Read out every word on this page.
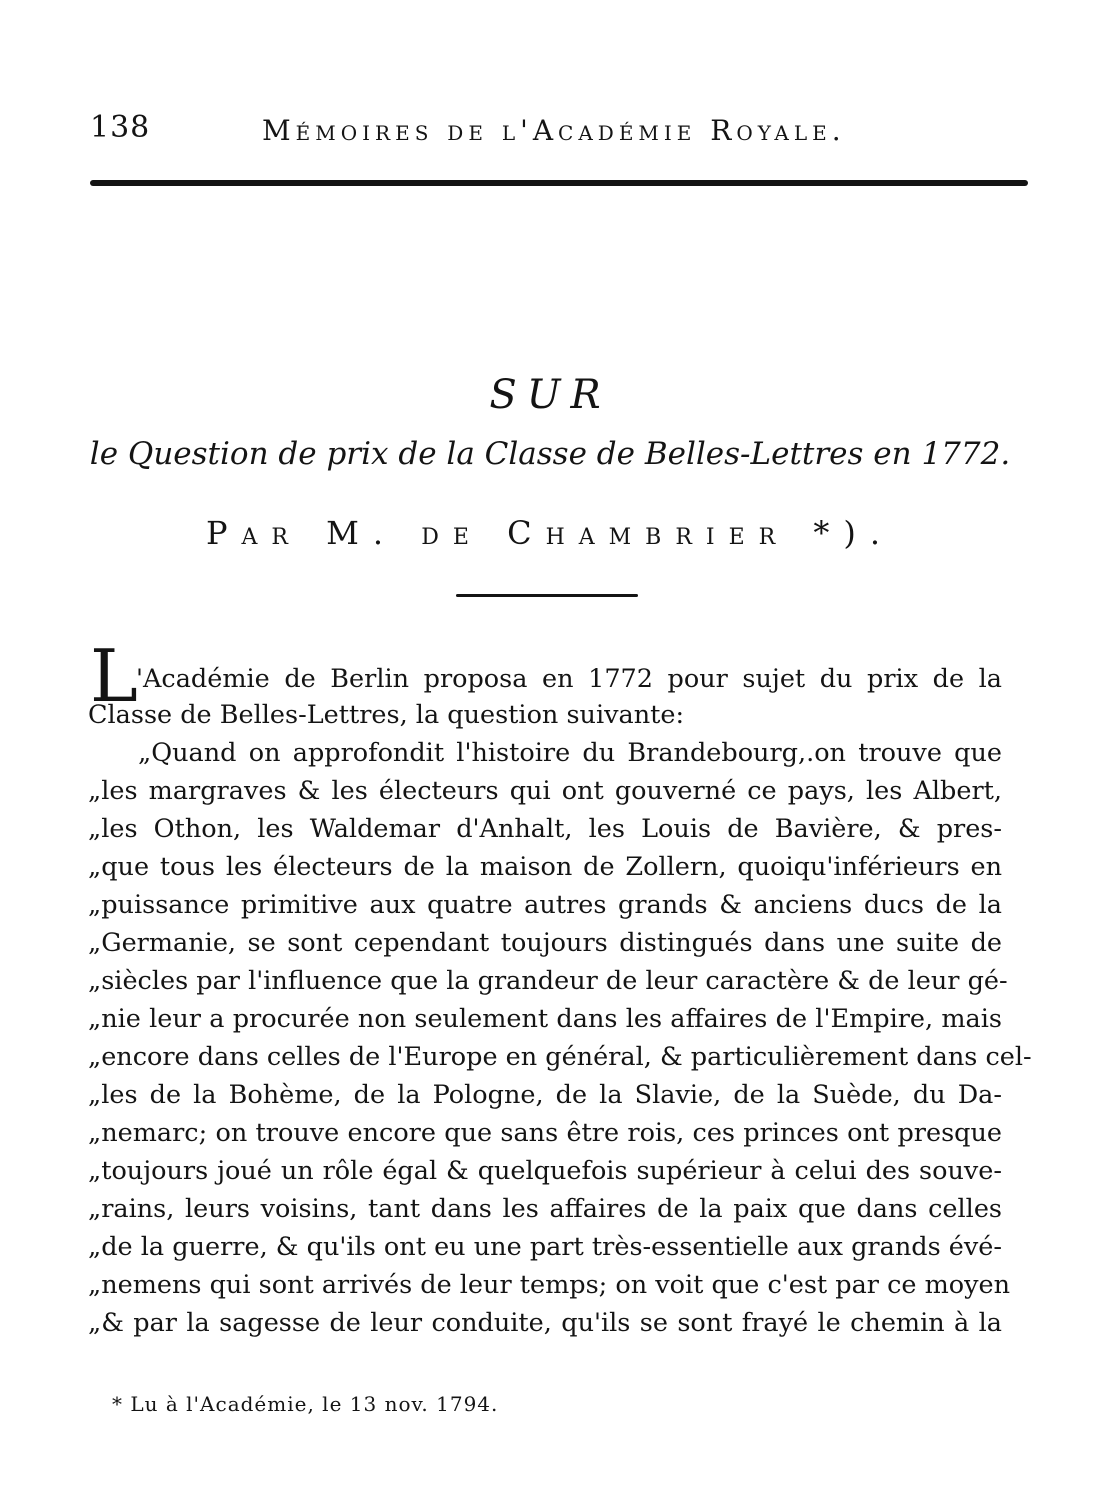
138	Mémoires de l'Académie Royale.
SUR
le Question de prix de la Classe de Belles-Lettres en 1772.
Par M. de Chambrier *).
L
'Académie de Berlin proposa en 1772 pour sujet du prix de la
Classe de Belles-Lettres, la question suivante:
„Quand on approfondit l'histoire du Brandebourg,.on trouve que
„les margraves & les électeurs qui ont gouverné ce pays, les Albert,
„les Othon, les Waldemar d'Anhalt, les Louis de Bavière, & pres-
„que tous les électeurs de la maison de Zollern, quoiqu'inférieurs en
„puissance primitive aux quatre autres grands & anciens ducs de la
„Germanie, se sont cependant toujours distingués dans une suite de
„siècles par l'influence que la grandeur de leur caractère & de leur gé-
„nie leur a procurée non seulement dans les affaires de l'Empire, mais
„encore dans celles de l'Europe en général, & particulièrement dans cel-
„les de la Bohème, de la Pologne, de la Slavie, de la Suède, du Da-
„nemarc; on trouve encore que sans être rois, ces princes ont presque
„toujours joué un rôle égal & quelquefois supérieur à celui des souve-
„rains, leurs voisins, tant dans les affaires de la paix que dans celles
„de la guerre, & qu'ils ont eu une part très-essentielle aux grands évé-
„nemens qui sont arrivés de leur temps; on voit que c'est par ce moyen
„& par la sagesse de leur conduite, qu'ils se sont frayé le chemin à la
* Lu à l'Académie, le 13 nov. 1794.
